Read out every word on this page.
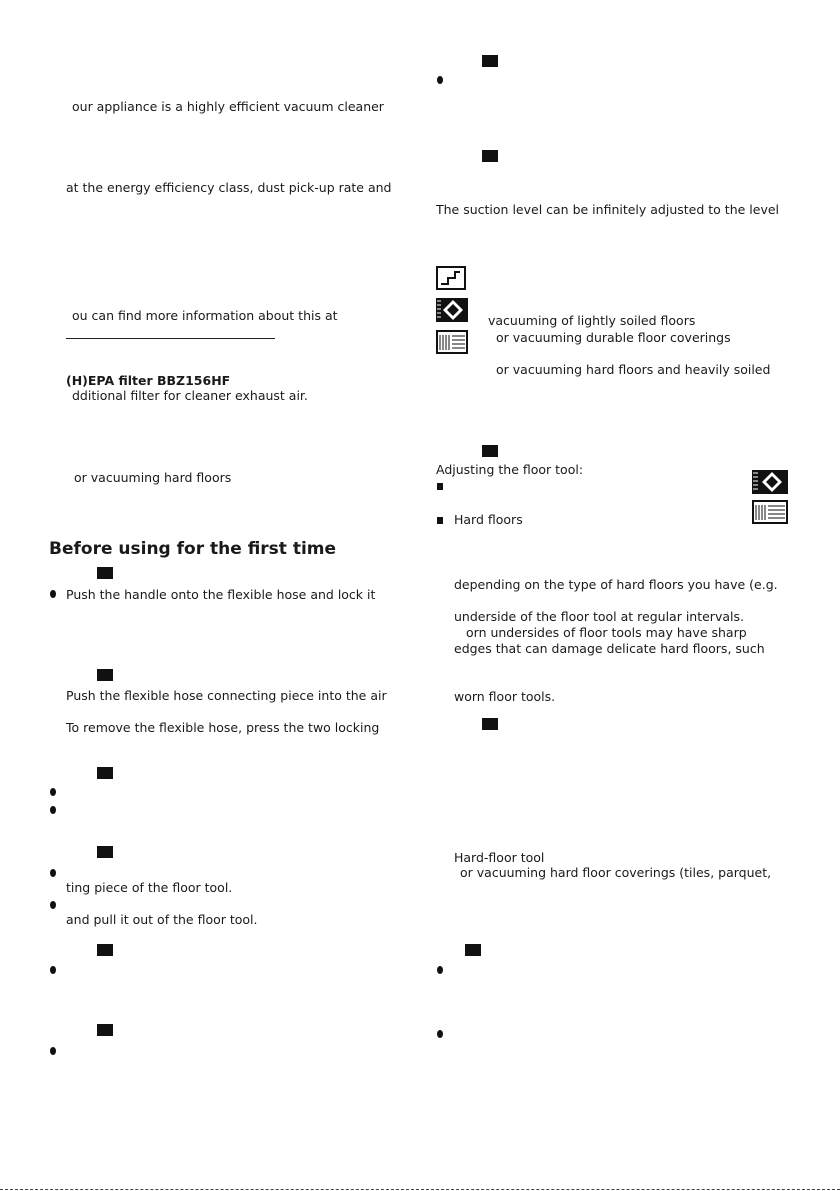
our appliance is a highly efficient vacuum cleaner
at the energy efficiency class, dust pick-up rate and
ou can find more information about this at
(H)EPA filter BBZ156HF
dditional filter for cleaner exhaust air.
or vacuuming hard floors
Before using for the first time
Push the handle onto the flexible hose and lock it
Push the flexible hose connecting piece into the air
To remove the flexible hose, press the two locking
ting piece of the floor tool.
and pull it out of the floor tool.
The suction level can be infinitely adjusted to the level
vacuuming of lightly soiled floors
or vacuuming durable floor coverings
or vacuuming hard floors and heavily soiled
Adjusting the floor tool:
Hard floors
depending on the type of hard floors you have (e.g.
underside of the floor tool at regular intervals.
orn undersides of floor tools may have sharp
edges that can damage delicate hard floors, such
worn floor tools.
Hard-floor tool
or vacuuming hard floor coverings (tiles, parquet,
